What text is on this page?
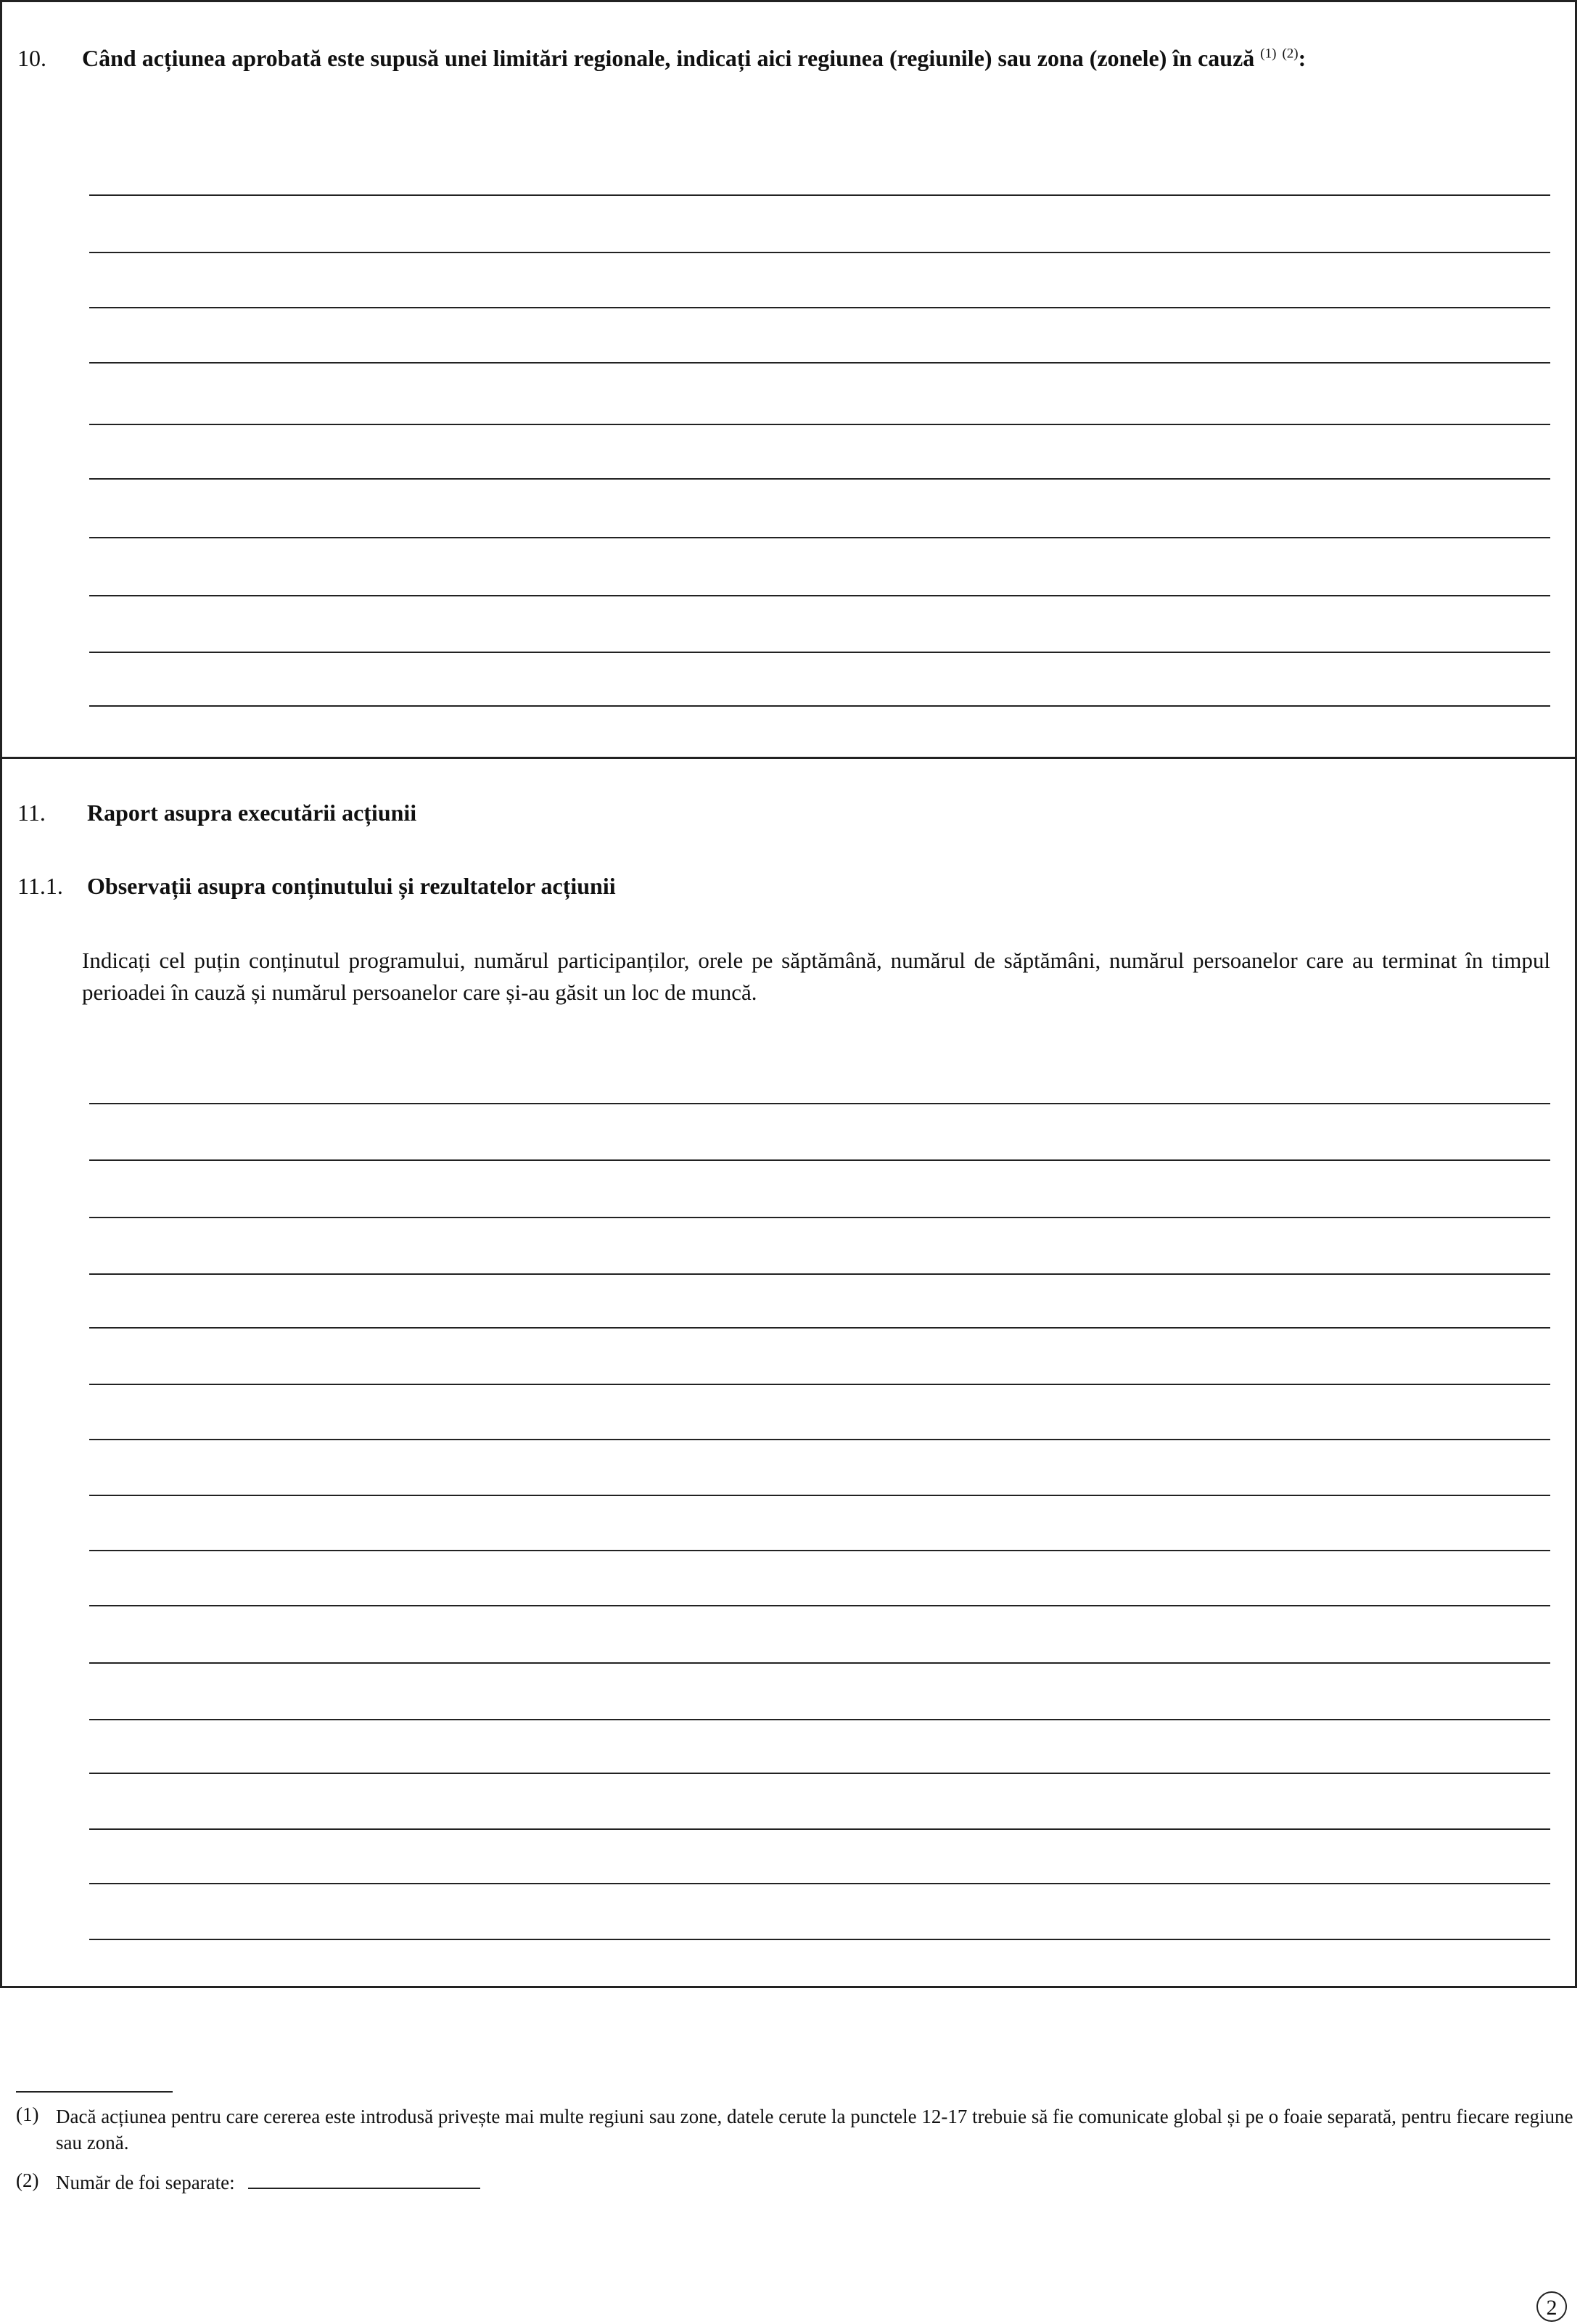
10. Când acțiunea aprobată este supusă unei limitări regionale, indicați aici regiunea (regiunile) sau zona (zonele) în cauză $^{(1)}$ $^{(2)}$:
11. Raport asupra executării acțiunii
11.1. Observații asupra conținutului și rezultatelor acțiunii
Indicați cel puțin conținutul programului, numărul participanților, orele pe săptămână, numărul de săptămâni, numărul persoanelor care au terminat în timpul perioadei în cauză și numărul persoanelor care și-au găsit un loc de muncă.
(1) Dacă acțiunea pentru care cererea este introdusă privește mai multe regiuni sau zone, datele cerute la punctele 12-17 trebuie să fie comunicate global și pe o foaie separată, pentru fiecare regiune sau zonă.
(2) Număr de foi separate:
2
